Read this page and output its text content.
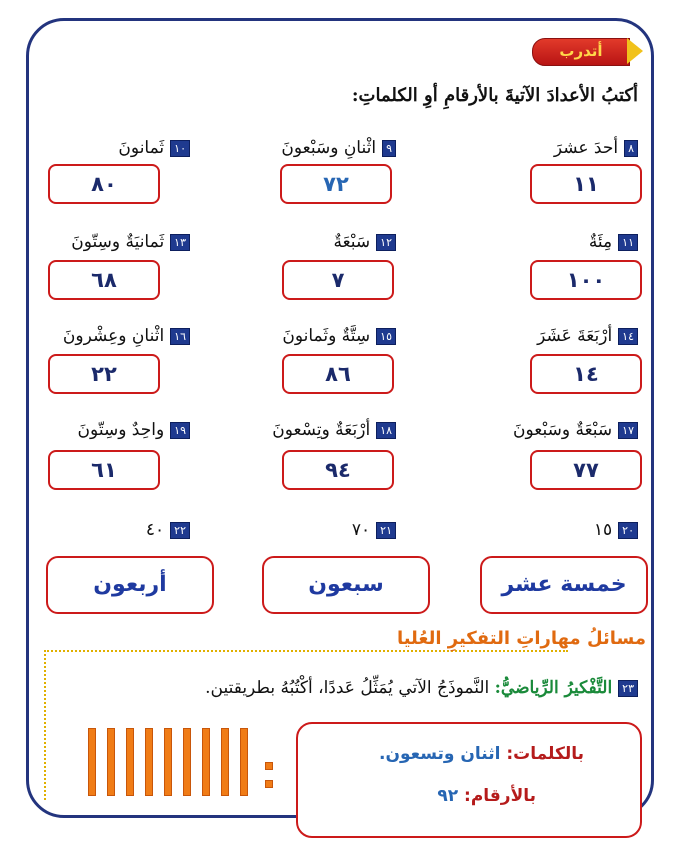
أتدرب
أكتبُ الأعدادَ الآتيةَ بالأرقامِ أوِ الكلماتِ:
٨أحدَ عشرَ
١١
٩اثْنانِ وسَبْعونَ
٧٢
١٠ثَمانونَ
٨٠
١١مِئَةٌ
١٠٠
١٢سَبْعَةٌ
٧
١٣ثَمانيَةٌ وسِتّونَ
٦٨
١٤أرْبَعَةَ عَشَرَ
١٤
١٥سِتَّةٌ وثَمانونَ
٨٦
١٦اثْنانِ وعِشْرونَ
٢٢
١٧سَبْعَةٌ وسَبْعونَ
٧٧
١٨أرْبَعَةٌ وتِسْعونَ
٩٤
١٩واحِدٌ وسِتّونَ
٦١
٢٠١٥
خمسة عشر
٢١٧٠
سبعون
٢٢٤٠
أربعون
مسائلُ مهاراتِ التفكيرِ العُليا
٢٣التَّفْكيرُ الرِّياضيُّ: النَّموذَجُ الآتي يُمَثِّلُ عَددًا، أكْتُبُهُ بطريقتين.
بالكلمات: اثنان وتسعون.
بالأرقام: ٩٢
